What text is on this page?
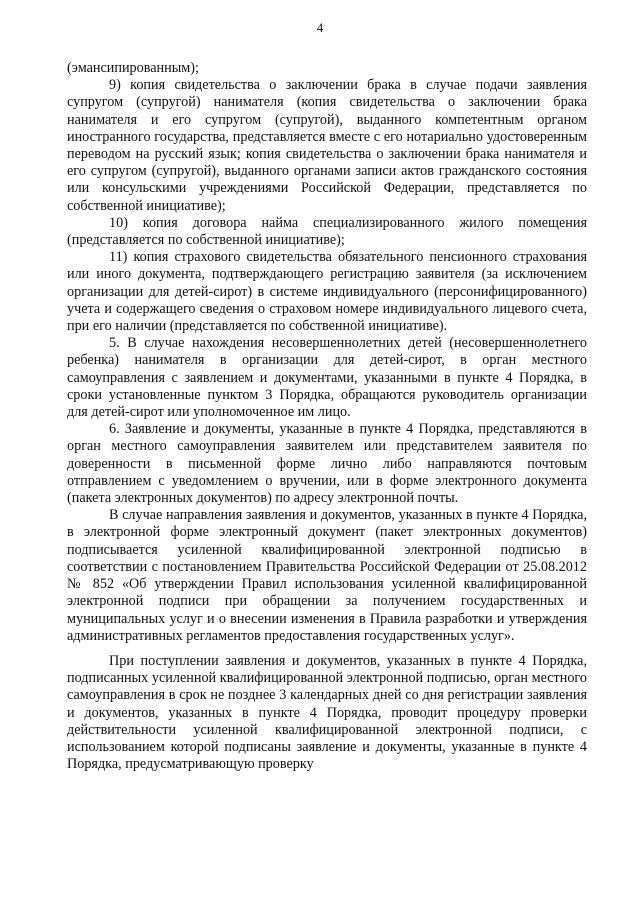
4

(эмансипированным);

9) копия свидетельства о заключении брака в случае подачи заявления супругом (супругой) нанимателя (копия свидетельства о заключении брака нанимателя и его супругом (супругой), выданного компетентным органом иностранного государства, представляется вместе с его нотариально удостоверенным переводом на русский язык; копия свидетельства о заключении брака нанимателя и его супругом (супругой), выданного органами записи актов гражданского состояния или консульскими учреждениями Российской Федерации, представляется по собственной инициативе);

10) копия договора найма специализированного жилого помещения (представляется по собственной инициативе);

11) копия страхового свидетельства обязательного пенсионного страхования или иного документа, подтверждающего регистрацию заявителя (за исключением организации для детей-сирот) в системе индивидуального (персонифицированного) учета и содержащего сведения о страховом номере индивидуального лицевого счета, при его наличии (представляется по собственной инициативе).

5. В случае нахождения несовершеннолетних детей (несовершеннолетнего ребенка) нанимателя в организации для детей-сирот, в орган местного самоуправления с заявлением и документами, указанными в пункте 4 Порядка, в сроки установленные пунктом 3 Порядка, обращаются руководитель организации для детей-сирот или уполномоченное им лицо.

6. Заявление и документы, указанные в пункте 4 Порядка, представляются в орган местного самоуправления заявителем или представителем заявителя по доверенности в письменной форме лично либо направляются почтовым отправлением с уведомлением о вручении, или в форме электронного документа (пакета электронных документов) по адресу электронной почты.

В случае направления заявления и документов, указанных в пункте 4 Порядка, в электронной форме электронный документ (пакет электронных документов) подписывается усиленной квалифицированной электронной подписью в соответствии с постановлением Правительства Российской Федерации от 25.08.2012 № 852 «Об утверждении Правил использования усиленной квалифицированной электронной подписи при обращении за получением государственных и муниципальных услуг и о внесении изменения в Правила разработки и утверждения административных регламентов предоставления государственных услуг».

При поступлении заявления и документов, указанных в пункте 4 Порядка, подписанных усиленной квалифицированной электронной подписью, орган местного самоуправления в срок не позднее 3 календарных дней со дня регистрации заявления и документов, указанных в пункте 4 Порядка, проводит процедуру проверки действительности усиленной квалифицированной электронной подписи, с использованием которой подписаны заявление и документы, указанные в пункте 4 Порядка, предусматривающую проверку
